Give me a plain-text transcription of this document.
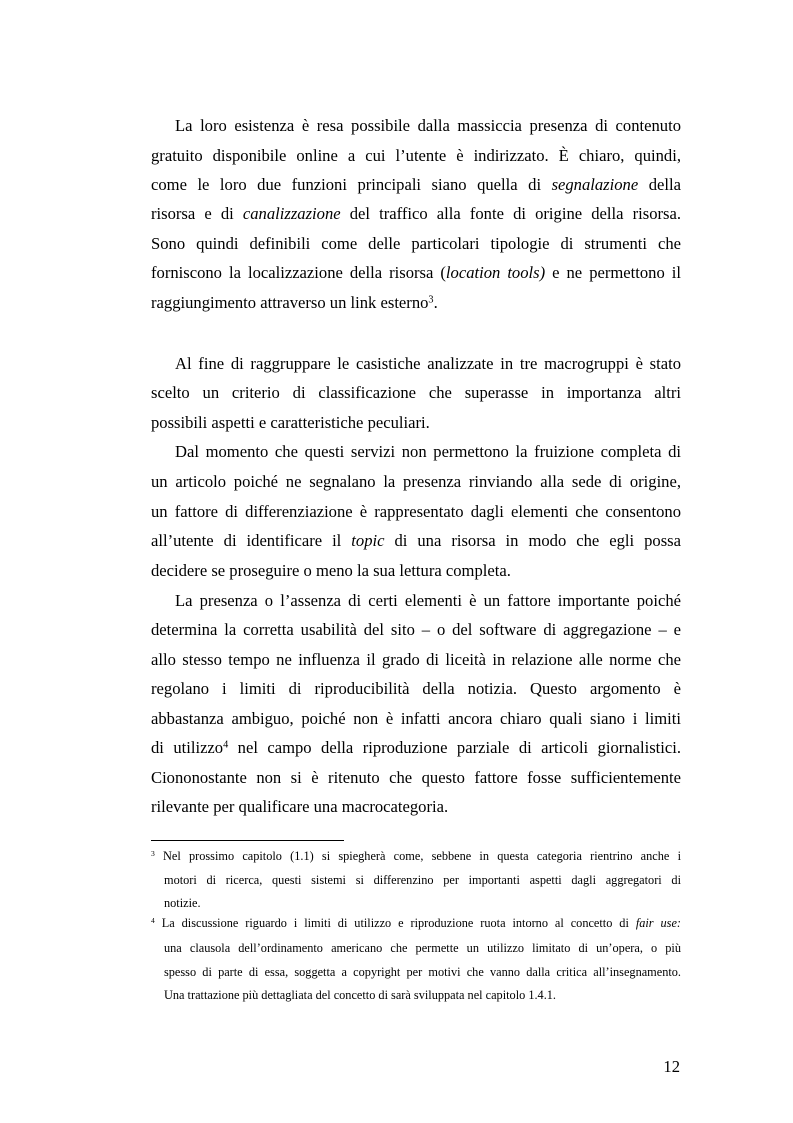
La loro esistenza è resa possibile dalla massiccia presenza di contenuto
gratuito disponibile online a cui l’utente è indirizzato. È chiaro, quindi,
come le loro due funzioni principali siano quella di segnalazione della
risorsa e di canalizzazione del traffico alla fonte di origine della risorsa.
Sono quindi definibili come delle particolari tipologie di strumenti che
forniscono la localizzazione della risorsa (location tools) e ne permettono il
raggiungimento attraverso un link esterno$^3$.
Al fine di raggruppare le casistiche analizzate in tre macrogruppi è stato
scelto un criterio di classificazione che superasse in importanza altri
possibili aspetti e caratteristiche peculiari.
Dal momento che questi servizi non permettono la fruizione completa di
un articolo poiché ne segnalano la presenza rinviando alla sede di origine,
un fattore di differenziazione è rappresentato dagli elementi che consentono
all’utente di identificare il topic di una risorsa in modo che egli possa
decidere se proseguire o meno la sua lettura completa.
La presenza o l’assenza di certi elementi è un fattore importante poiché
determina la corretta usabilità del sito – o del software di aggregazione – e
allo stesso tempo ne influenza il grado di liceità in relazione alle norme che
regolano i limiti di riproducibilità della notizia. Questo argomento è
abbastanza ambiguo, poiché non è infatti ancora chiaro quali siano i limiti
di utilizzo$^4$ nel campo della riproduzione parziale di articoli giornalistici.
Ciononostante non si è ritenuto che questo fattore fosse sufficientemente
rilevante per qualificare una macrocategoria.
$^3$ Nel prossimo capitolo (1.1) si spiegherà come, sebbene in questa categoria rientrino anche i
motori di ricerca, questi sistemi si differenzino per importanti aspetti dagli aggregatori di
notizie.
$^4$ La discussione riguardo i limiti di utilizzo e riproduzione ruota intorno al concetto di fair use:
una clausola dell’ordinamento americano che permette un utilizzo limitato di un’opera, o più
spesso di parte di essa, soggetta a copyright per motivi che vanno dalla critica all’insegnamento.
Una trattazione più dettagliata del concetto di sarà sviluppata nel capitolo 1.4.1.
12
